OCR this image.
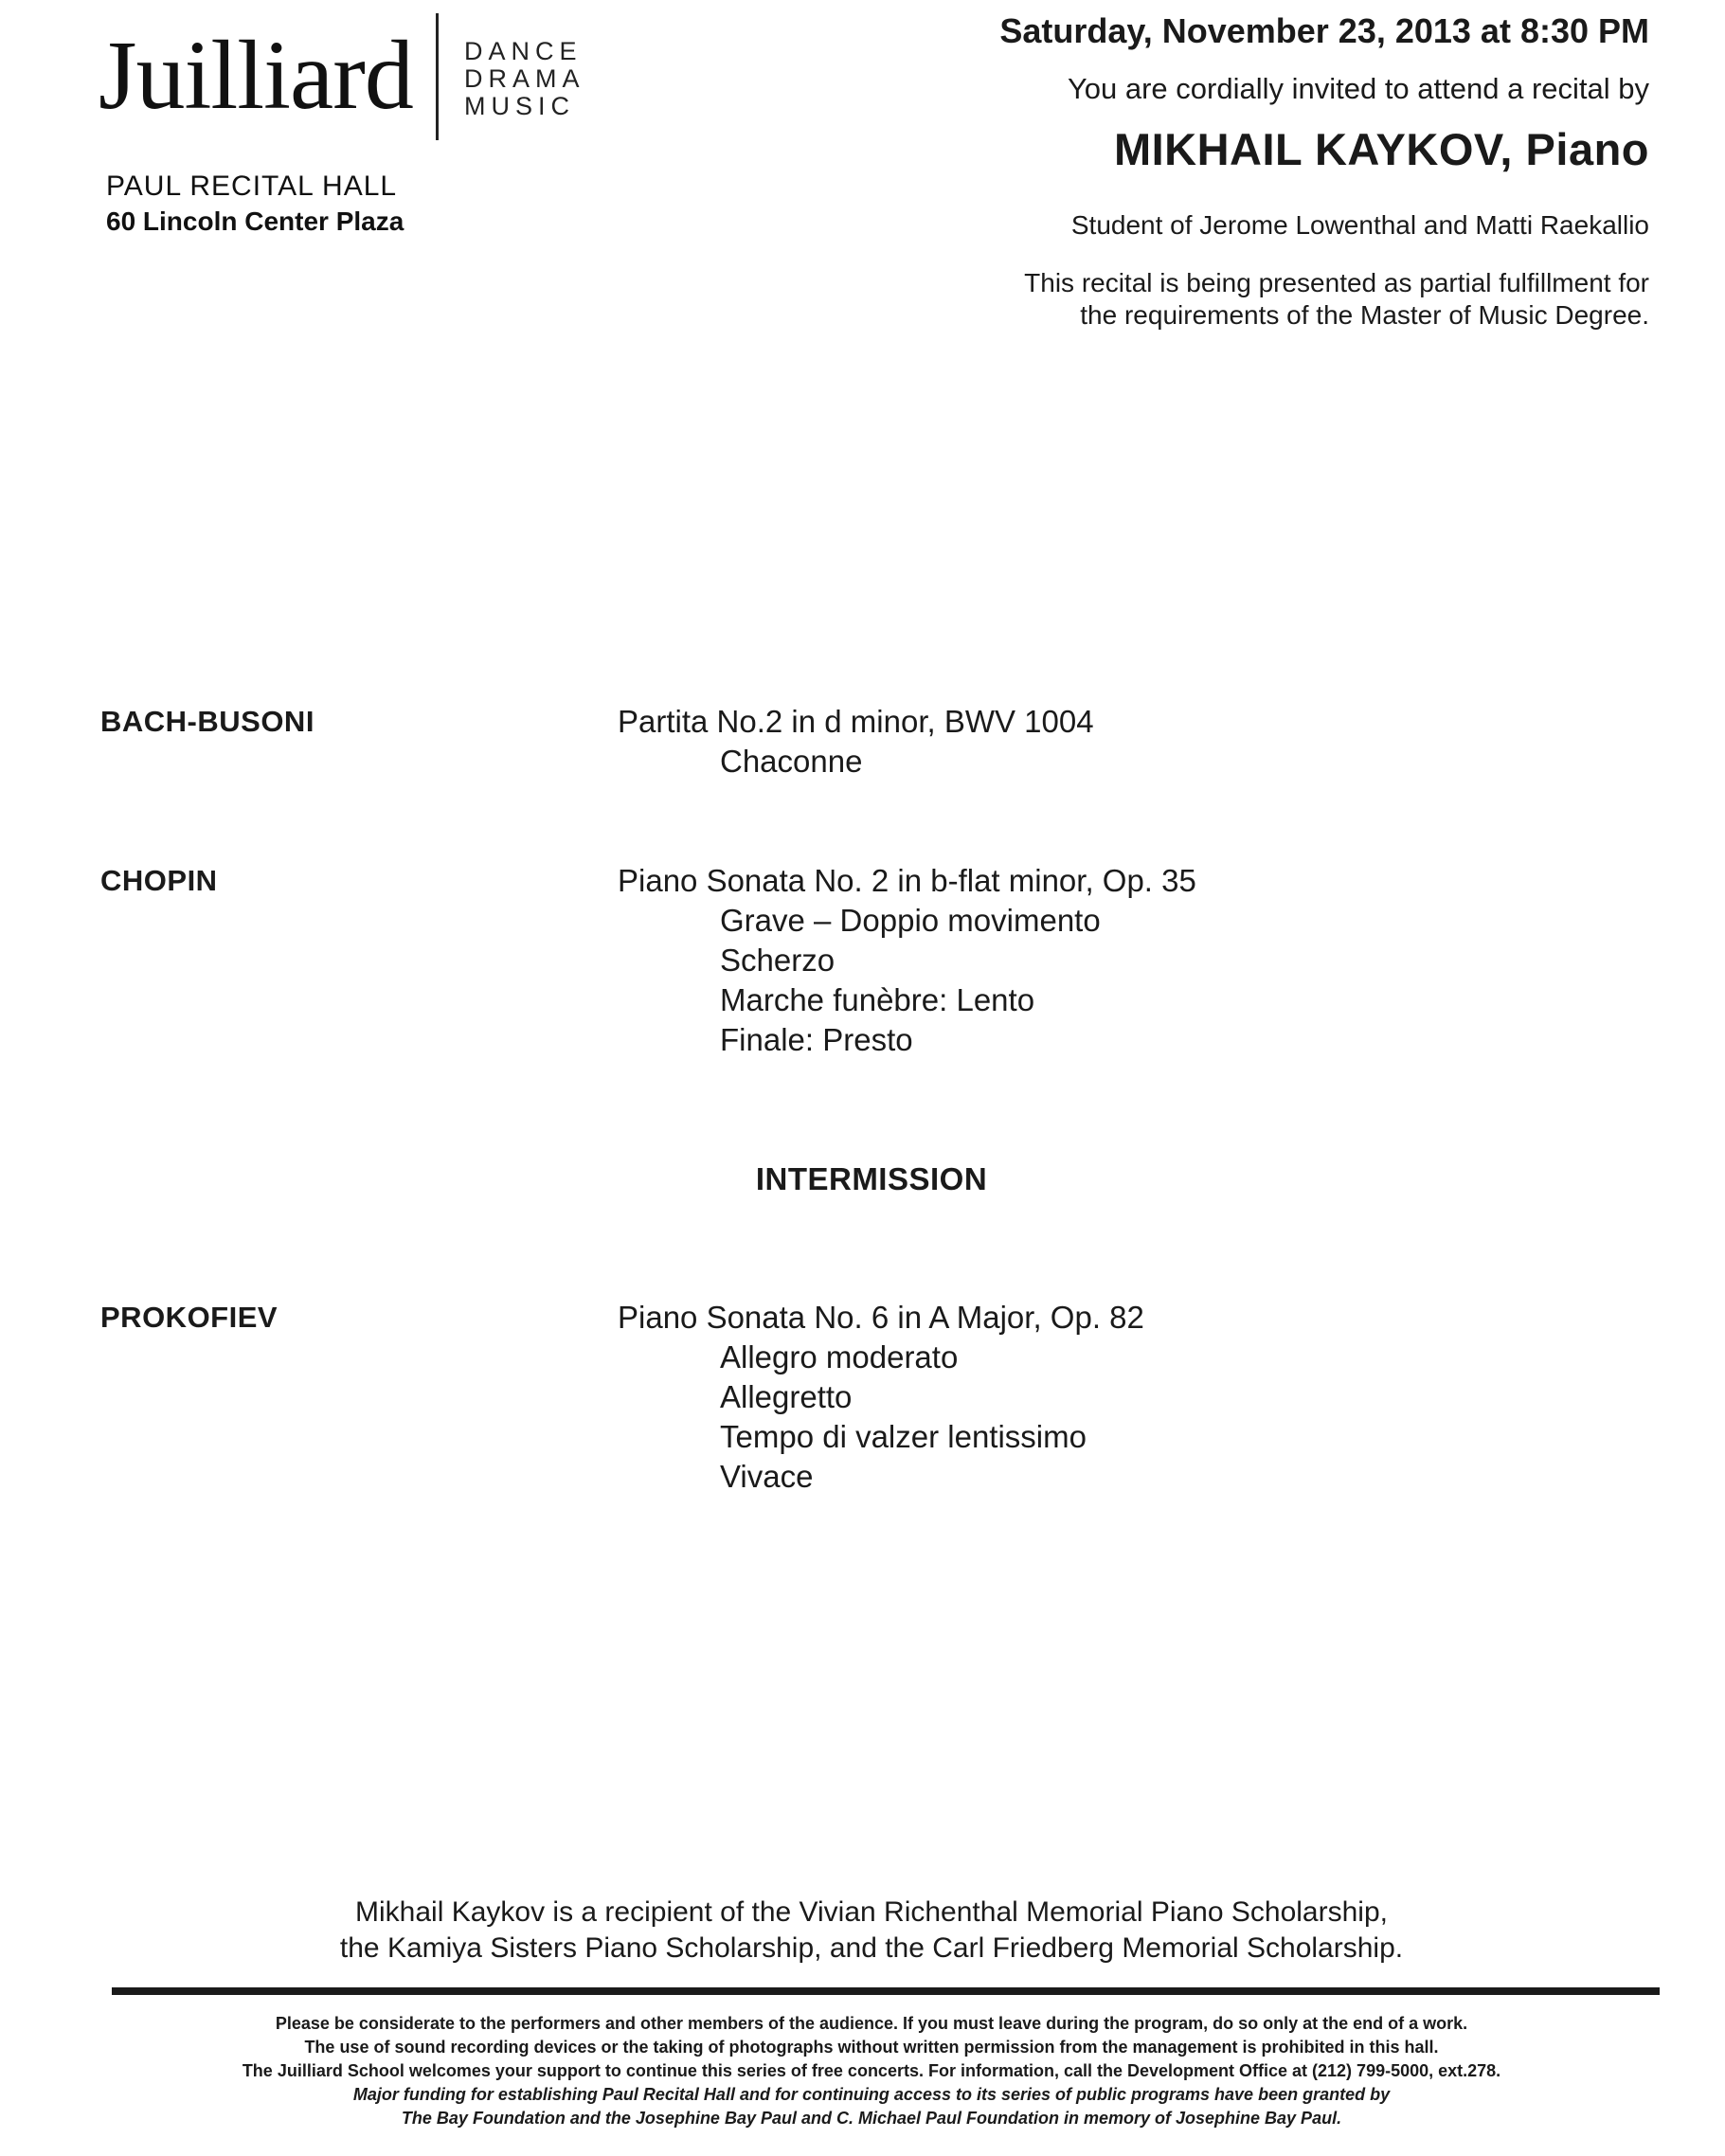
Juilliard DANCE
DRAMA
MUSIC
PAUL RECITAL HALL
60 Lincoln Center Plaza
Saturday, November 23, 2013 at 8:30 PM
You are cordially invited to attend a recital by
MIKHAIL KAYKOV, Piano
Student of Jerome Lowenthal and Matti Raekallio
This recital is being presented as partial fulfillment for
the requirements of the Master of Music Degree.
BACH-BUSONI	Partita No.2 in d minor, BWV 1004
Chaconne
CHOPIN	Piano Sonata No. 2 in b-flat minor, Op. 35
Grave – Doppio movimento
Scherzo
Marche funèbre: Lento
Finale: Presto
INTERMISSION
PROKOFIEV	Piano Sonata No. 6 in A Major, Op. 82
Allegro moderato
Allegretto
Tempo di valzer lentissimo
Vivace
Mikhail Kaykov is a recipient of the Vivian Richenthal Memorial Piano Scholarship,
the Kamiya Sisters Piano Scholarship, and the Carl Friedberg Memorial Scholarship.
Please be considerate to the performers and other members of the audience. If you must leave during the program, do so only at the end of a work.
The use of sound recording devices or the taking of photographs without written permission from the management is prohibited in this hall.
The Juilliard School welcomes your support to continue this series of free concerts. For information, call the Development Office at (212) 799-5000, ext.278.
Major funding for establishing Paul Recital Hall and for continuing access to its series of public programs have been granted by
The Bay Foundation and the Josephine Bay Paul and C. Michael Paul Foundation in memory of Josephine Bay Paul.
